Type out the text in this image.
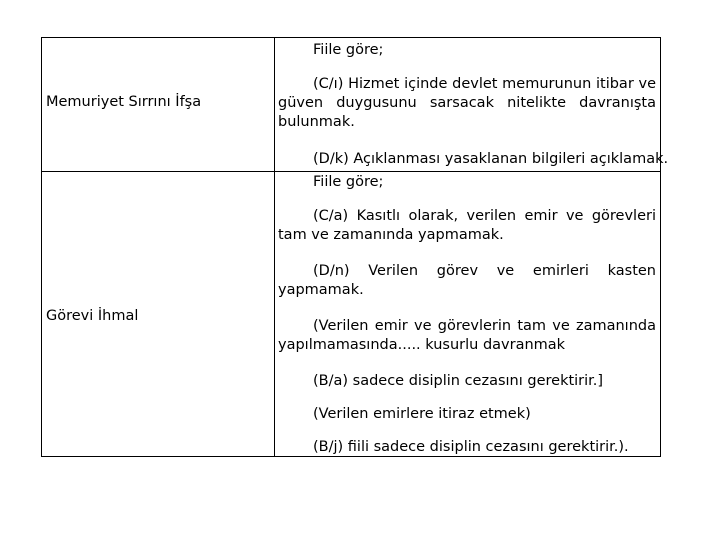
Memuriyet Sırrını İfşa
Fiile göre;
(C/ı) Hizmet içinde devlet memurunun itibar ve güven duygusunu sarsacak nitelikte davranışta bulunmak.
(D/k) Açıklanması yasaklanan bilgileri açıklamak.
Görevi İhmal
Fiile göre;
(C/a) Kasıtlı olarak, verilen emir ve görevleri tam ve zamanında yapmamak.
(D/n) Verilen görev ve emirleri kasten yapmamak.
(Verilen emir ve görevlerin tam ve zamanında yapılmamasında..... kusurlu davranmak
(B/a) sadece disiplin cezasını gerektirir.]
(Verilen emirlere itiraz etmek)
(B/j) fiili sadece disiplin cezasını gerektirir.).
